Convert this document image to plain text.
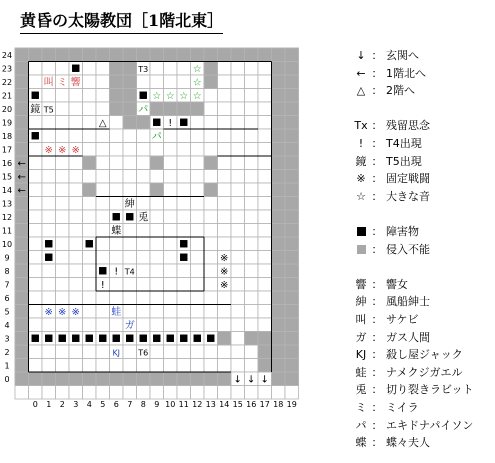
黄昏の太陽教団［1階北東］
24
23
22
21
20
19
18
17
16
15
14
13
12
11
10
9
8
7
6
5
4
3
2
1
0
0 1 2 3 4 5 6 7 8 9 10 11 12 13 14 15 16 17 18 19
T3	☆
叫 ミ 響	☆
☆ ☆ ☆ ☆
鏡 T5	パ
△	!
パ
※ ※ ※
←
←
←
紳
兎
蝶
※
! T4	※
!	※
※ ※ ※	蛙
ガ
KJ T6
↓ ↓ ↓
↓ ： 玄関へ
← ： 1階北へ
△ ： 2階へ
Tx ： 残留思念
! ： T4出現
鏡 ： T5出現
※ ： 固定戦闘
☆ ： 大きな音
： 障害物
： 侵入不能
響 ： 響女
紳 ： 風船紳士
叫 ： サケビ
ガ ： ガス人間
KJ ： 殺し屋ジャック
蛙 ： ナメクジガエル
兎 ： 切り裂きラビット
ミ ： ミイラ
パ ： エキドナパイソン
蝶 ： 蝶々夫人
